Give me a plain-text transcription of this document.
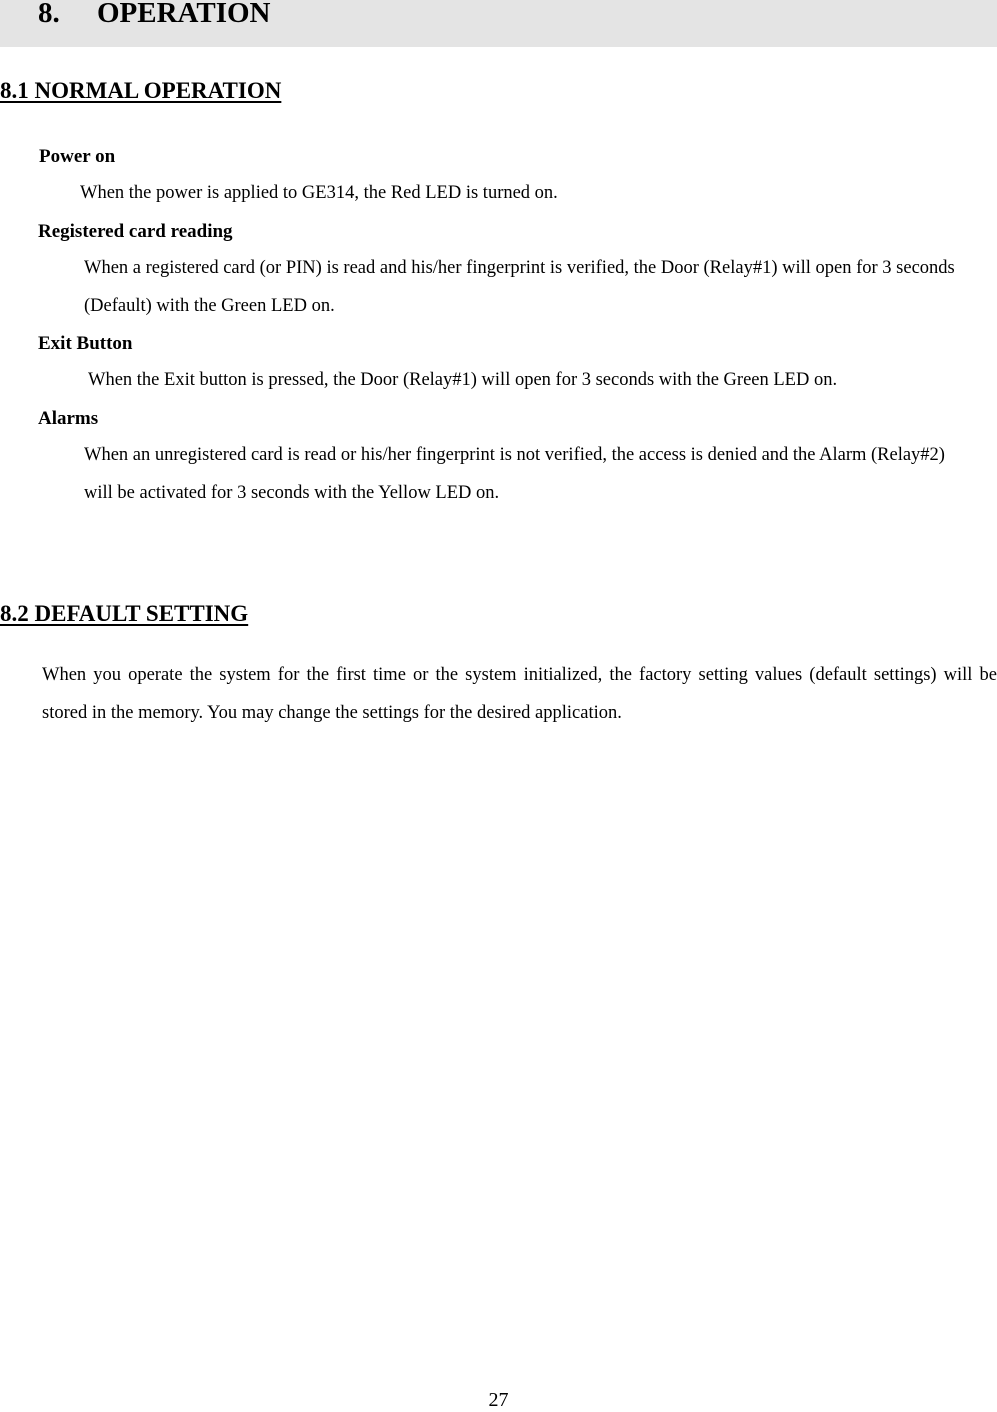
8. OPERATION
8.1 NORMAL OPERATION
Power on
When the power is applied to GE314, the Red LED is turned on.
Registered card reading
When a registered card (or PIN) is read and his/her fingerprint is verified, the Door (Relay#1) will open for 3 seconds (Default) with the Green LED on.
Exit Button
When the Exit button is pressed, the Door (Relay#1) will open for 3 seconds with the Green LED on.
Alarms
When an unregistered card is read or his/her fingerprint is not verified, the access is denied and the Alarm (Relay#2) will be activated for 3 seconds with the Yellow LED on.
8.2 DEFAULT SETTING
When you operate the system for the first time or the system initialized, the factory setting values (default settings) will be stored in the memory. You may change the settings for the desired application.
27
